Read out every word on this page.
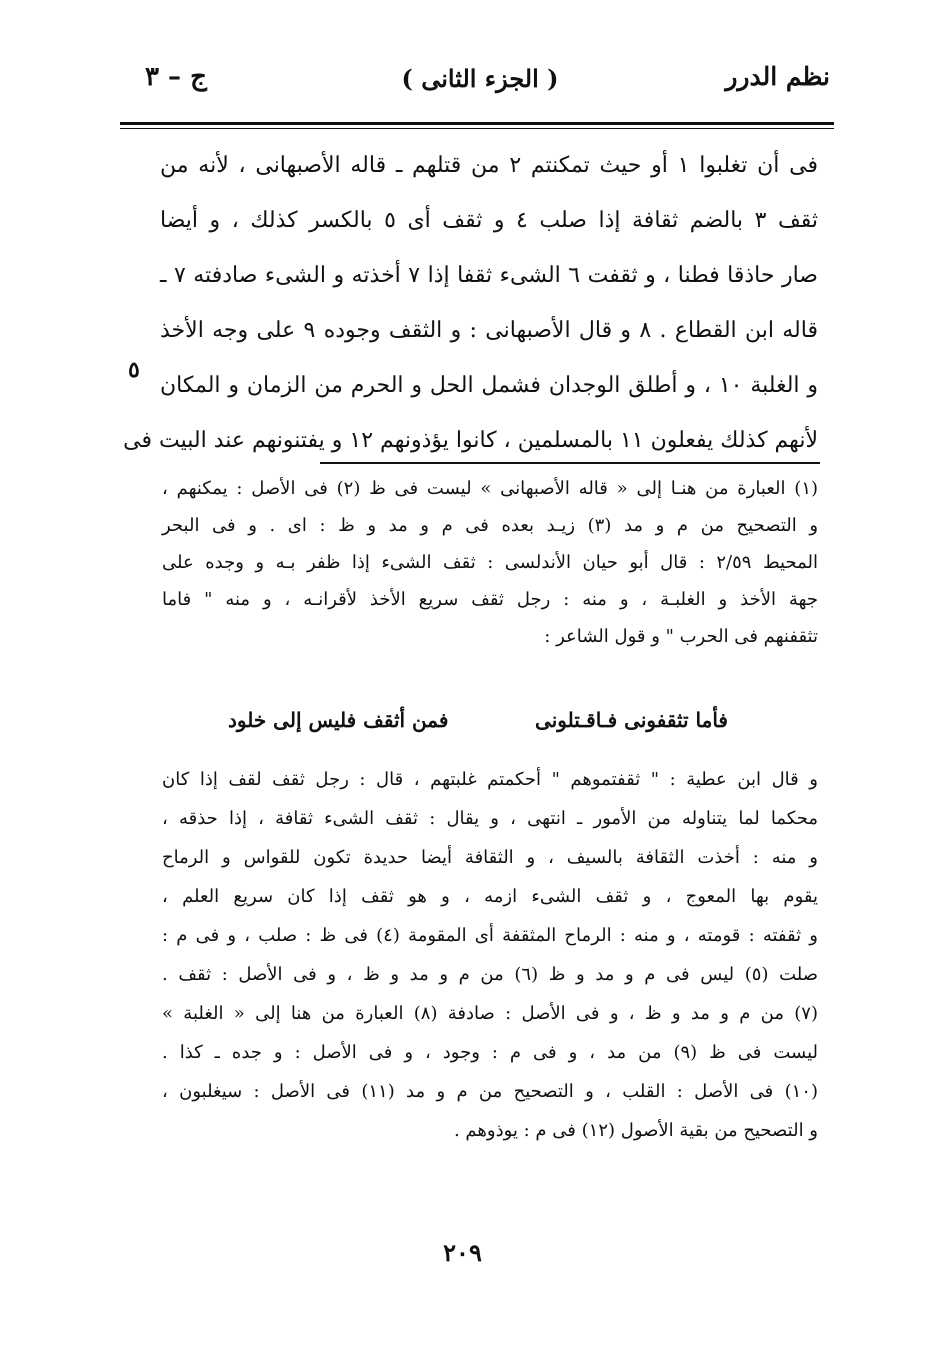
نظم الدرر
( الجزء الثانى )
ج – ٣
فى أن تغلبوا ١ أو حيث تمكنتم ٢ من قتلهم ـ قاله الأصبهانى ، لأنه من
ثقف ٣ بالضم ثقافة إذا صلب ٤ و ثقف أى ٥ بالكسر كذلك ، و أيضا
صار حاذقا فطنا ، و ثقفت ٦ الشىء ثقفا إذا ٧ أخذته و الشىء صادفته ٧ ـ
قاله ابن القطاع . ٨ و قال الأصبهانى : و الثقف وجوده ٩ على وجه الأخذ
و الغلبة ١٠ ، و أطلق الوجدان فشمل الحل و الحرم من الزمان و المكان
لأنهم كذلك يفعلون ١١ بالمسلمين ، كانوا يؤذونهم ١٢ و يفتنونهم عند البيت فى
٥
(١) العبارة من هنـا إلى « قاله الأصبهانى » ليست فى ظ (٢) فى الأصل : يمكنهم ،
و التصحيح من م و مد (٣) زيـد بعده فى م و مد و ظ : اى . و فى البحر
المحيط ٢/٥٩ : قال أبو حيان الأندلسى : ثقف الشىء إذا ظفر بـه و وجده على
جهة الأخذ و الغلبـة ، و منه : رجل ثقف سريع الأخذ لأقرانـه ، و منه " فاما
تثقفنهم فى الحرب " و قول الشاعر :
فأما تثقفونى فـاقـتلونى
فمن أثقف فليس إلى خلود
و قال ابن عطية : " ثقفتموهم " أحكمتم غلبتهم ، قال : رجل ثقف لقف إذا كان
محكما لما يتناوله من الأمور ـ انتهى ، و يقال : ثقف الشىء ثقافة ، إذا حذقه ،
و منه : أخذت الثقافة بالسيف ، و الثقافة أيضا حديدة تكون للقواس و الرماح
يقوم بها المعوج ، و ثقف الشىء ازمه ، و هو ثقف إذا كان سريع العلم ،
و ثقفته : قومته ، و منه : الرماح المثقفة أى المقومة (٤) فى ظ : صلب ، و فى م :
صلت (٥) ليس فى م و مد و ظ (٦) من م و مد و ظ ، و فى الأصل : ثقف .
(٧) من م و مد و ظ ، و فى الأصل : صادفة (٨) العبارة من هنا إلى « الغلبة »
ليست فى ظ (٩) من مد ، و فى م : وجود ، و فى الأصل : و جده ـ كذا .
(١٠) فى الأصل : القلب ، و التصحيح من م و مد (١١) فى الأصل : سيغلبون ،
و التصحيح من بقية الأصول (١٢) فى م : يوذوهم .
٢٠٩
